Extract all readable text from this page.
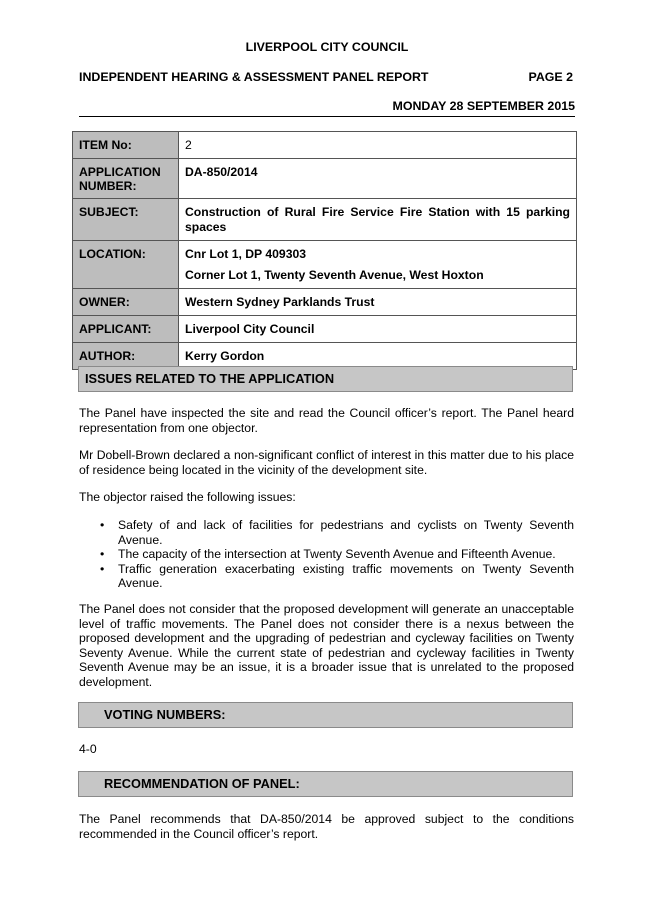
LIVERPOOL CITY COUNCIL
INDEPENDENT HEARING & ASSESSMENT PANEL REPORT	PAGE 2
MONDAY 28 SEPTEMBER 2015
ITEM No:	2
APPLICATION NUMBER:	DA-850/2014
SUBJECT:	Construction of Rural Fire Service Fire Station with 15 parking spaces
LOCATION:	Cnr Lot 1, DP 409303
Corner Lot 1, Twenty Seventh Avenue, West Hoxton

OWNER:	Western Sydney Parklands Trust
APPLICANT:	Liverpool City Council
AUTHOR:	Kerry Gordon
ISSUES RELATED TO THE APPLICATION
The Panel have inspected the site and read the Council officer’s report. The Panel heard representation from one objector.
Mr Dobell-Brown declared a non-significant conflict of interest in this matter due to his place of residence being located in the vicinity of the development site.
The objector raised the following issues:
• Safety of and lack of facilities for pedestrians and cyclists on Twenty Seventh Avenue.
• The capacity of the intersection at Twenty Seventh Avenue and Fifteenth Avenue.
• Traffic generation exacerbating existing traffic movements on Twenty Seventh Avenue.
The Panel does not consider that the proposed development will generate an unacceptable level of traffic movements. The Panel does not consider there is a nexus between the proposed development and the upgrading of pedestrian and cycleway facilities on Twenty Seventy Avenue. While the current state of pedestrian and cycleway facilities in Twenty Seventh Avenue may be an issue, it is a broader issue that is unrelated to the proposed development.
VOTING NUMBERS:
4-0
RECOMMENDATION OF PANEL:
The Panel recommends that DA-850/2014 be approved subject to the conditions recommended in the Council officer’s report.
